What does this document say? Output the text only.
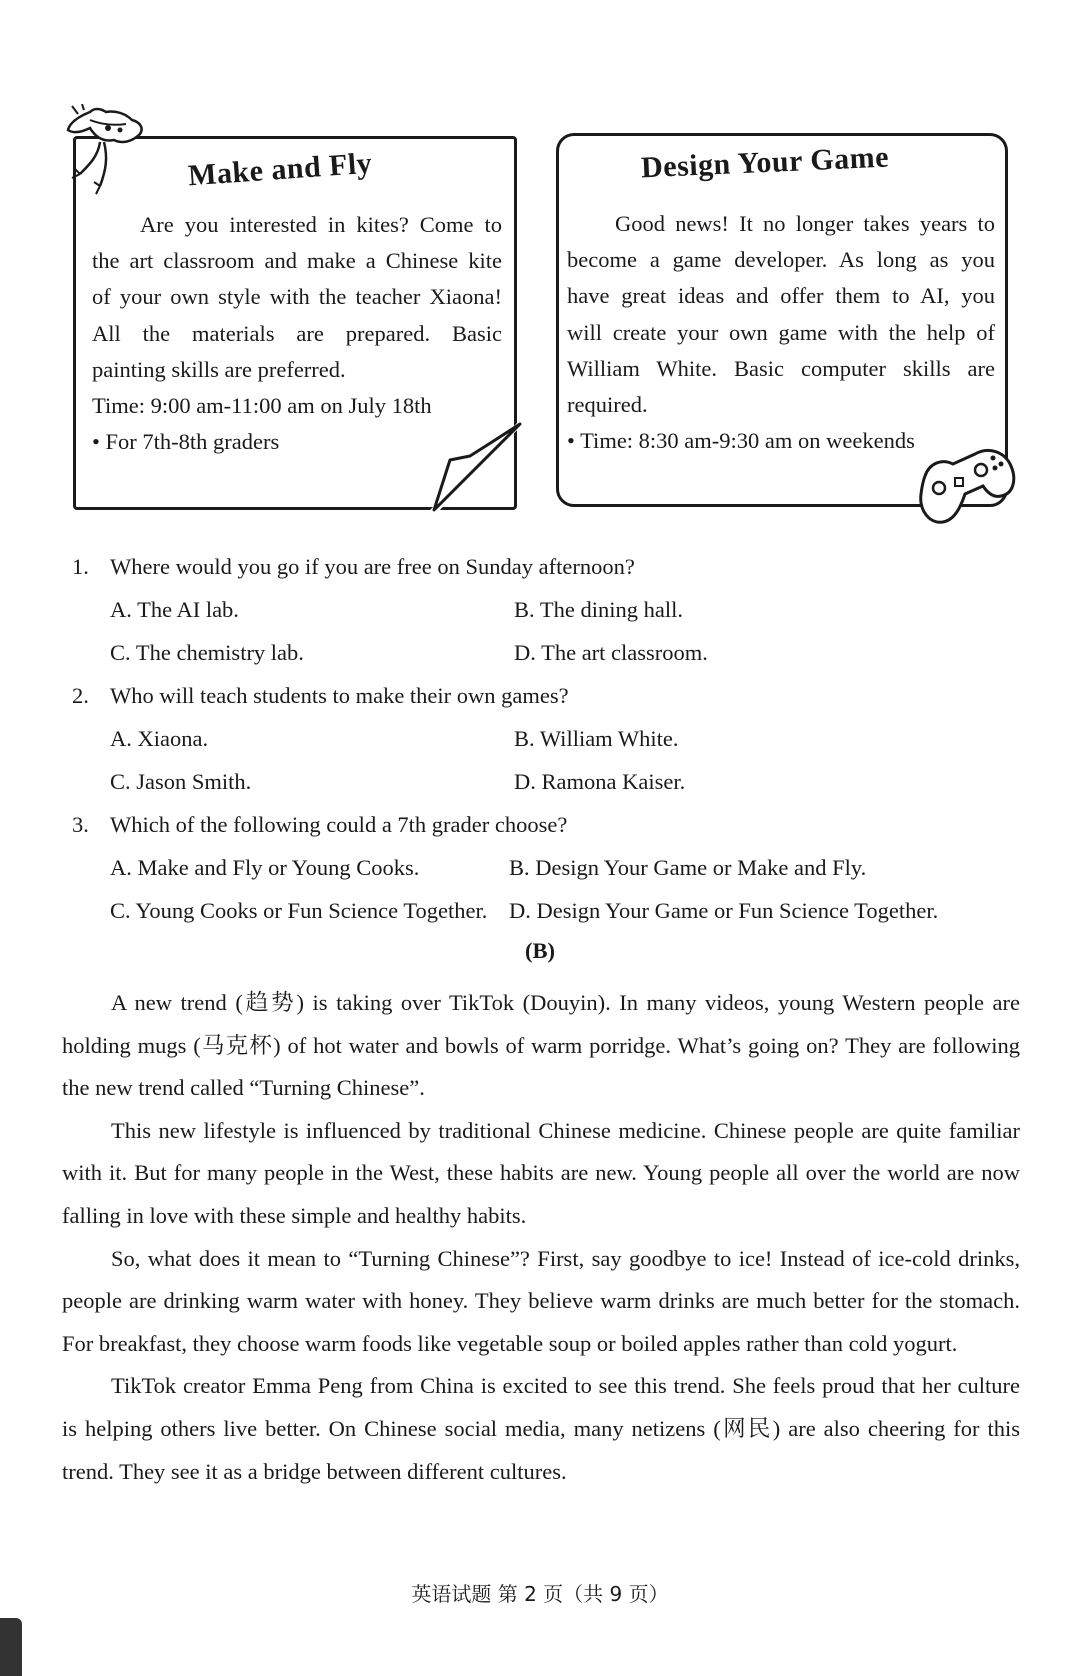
Make and Fly

Are you interested in kites? Come to

the art classroom and make a Chinese kite
of your own style with the teacher Xiaona!
All the materials are prepared. Basic
painting skills are preferred.
Time: 9:00 am-11:00 am on July 18th
• For 7th-8th graders
Design Your Game

Good news! It no longer takes years to

become a game developer. As long as you
have great ideas and offer them to AI, you
will create your own game with the help of
William White. Basic computer skills are
required.
• Time: 8:30 am-9:30 am on weekends
1. Where would you go if you are free on Sunday afternoon?
A. The AI lab.	B. The dining hall.
C. The chemistry lab.	D. The art classroom.
2. Who will teach students to make their own games?
A. Xiaona.	B. William White.
C. Jason Smith.	D. Ramona Kaiser.
3. Which of the following could a 7th grader choose?
A. Make and Fly or Young Cooks.	B. Design Your Game or Make and Fly.
C. Young Cooks or Fun Science Together. D. Design Your Game or Fun Science Together.
(B)

A new trend (趋势) is taking over TikTok (Douyin). In many videos, young Western people are holding mugs (马克杯) of hot water and bowls of warm porridge. What’s going on? They are following the new trend called “Turning Chinese”.

This new lifestyle is influenced by traditional Chinese medicine. Chinese people are quite familiar with it. But for many people in the West, these habits are new. Young people all over the world are now falling in love with these simple and healthy habits.

So, what does it mean to “Turning Chinese”? First, say goodbye to ice! Instead of ice-cold drinks, people are drinking warm water with honey. They believe warm drinks are much better for the stomach. For breakfast, they choose warm foods like vegetable soup or boiled apples rather than cold yogurt.

TikTok creator Emma Peng from China is excited to see this trend. She feels proud that her culture is helping others live better. On Chinese social media, many netizens (网民) are also cheering for this trend. They see it as a bridge between different cultures.

英语试题 第 2 页（共 9 页）
